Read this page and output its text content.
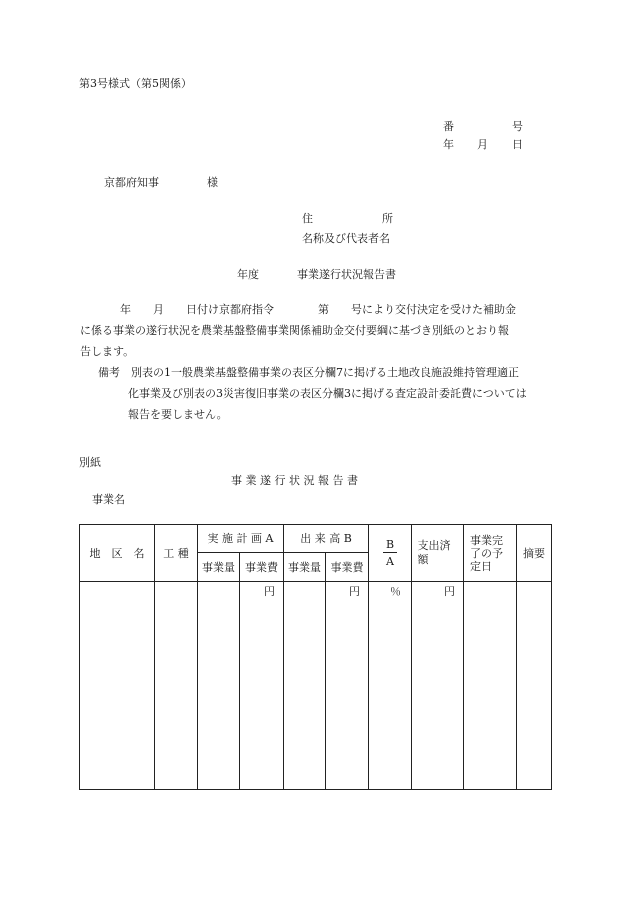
第3号様式（第5関係）
番	号
年 月 日
京都府知事	様
住	所
名称及び代表者名
年度	事業遂行状況報告書
年　　月　　日付け京都府指令　　　　第　　号により交付決定を受けた補助金
に係る事業の遂行状況を農業基盤整備事業関係補助金交付要綱に基づき別紙のとおり報
告します。
備考　別表の1一般農業基盤整備事業の表区分欄7に掲げる土地改良施設維持管理適正
化事業及び別表の3災害復旧事業の表区分欄3に掲げる査定設計委託費については
報告を要しません。
別紙
事 業 遂 行 状 況 報 告 書
事業名
地　区　名	工 種	実 施 計 画 A		出 来 高 B		$\frac{B}{A}$	支出済額	事業完了の予定日	摘要
		事業量	事業費	事業量	事業費				

			円		円	％	円		
